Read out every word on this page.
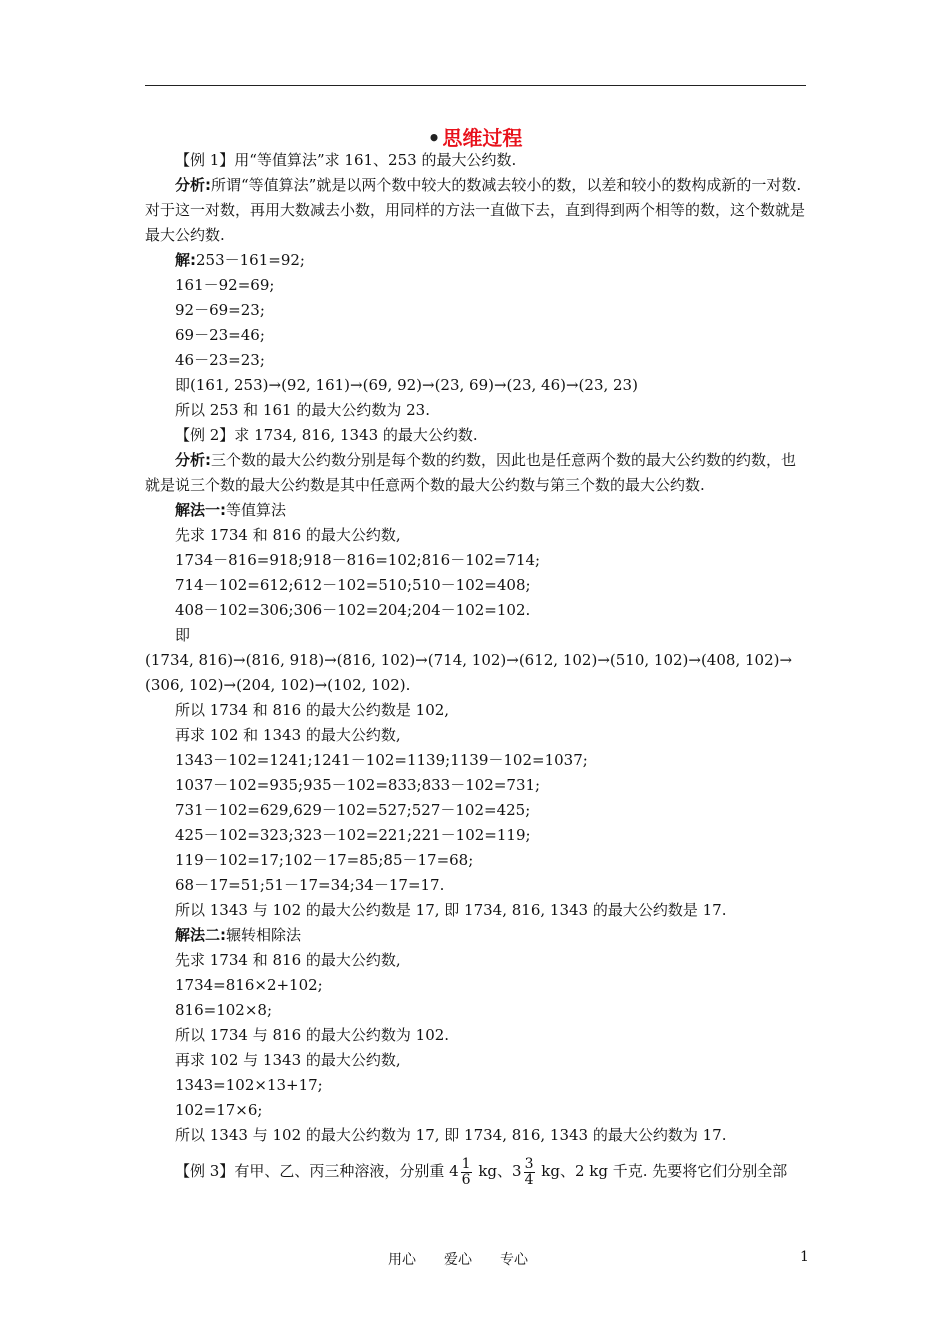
• 思维过程
【例 1】用“等值算法”求 161、253 的最大公约数.
分析:所谓“等值算法”就是以两个数中较大的数减去较小的数，以差和较小的数构成新的一对数.对于这一对数，再用大数减去小数，用同样的方法一直做下去，直到得到两个相等的数，这个数就是最大公约数.
解:253－161=92;
161－92=69;
92－69=23;
69－23=46;
46－23=23;
即(161, 253)→(92, 161)→(69, 92)→(23, 69)→(23, 46)→(23, 23)
所以 253 和 161 的最大公约数为 23.
【例 2】求 1734, 816, 1343 的最大公约数.
分析:三个数的最大公约数分别是每个数的约数，因此也是任意两个数的最大公约数的约数，也就是说三个数的最大公约数是其中任意两个数的最大公约数与第三个数的最大公约数.
解法一:等值算法
先求 1734 和 816 的最大公约数,
1734－816=918;918－816=102;816－102=714;
714－102=612;612－102=510;510－102=408;
408－102=306;306－102=204;204－102=102.
即
(1734, 816)→(816, 918)→(816, 102)→(714, 102)→(612, 102)→(510, 102)→(408, 102)→(306, 102)→(204, 102)→(102, 102).
所以 1734 和 816 的最大公约数是 102,
再求 102 和 1343 的最大公约数,
1343－102=1241;1241－102=1139;1139－102=1037;
1037－102=935;935－102=833;833－102=731;
731－102=629,629－102=527;527－102=425;
425－102=323;323－102=221;221－102=119;
119－102=17;102－17=85;85－17=68;
68－17=51;51－17=34;34－17=17.
所以 1343 与 102 的最大公约数是 17, 即 1734, 816, 1343 的最大公约数是 17.
解法二:辗转相除法
先求 1734 和 816 的最大公约数,
1734=816×2+102;
816=102×8;
所以 1734 与 816 的最大公约数为 102.
再求 102 与 1343 的最大公约数,
1343=102×13+17;
102=17×6;
所以 1343 与 102 的最大公约数为 17, 即 1734, 816, 1343 的最大公约数为 17.
【例 3】有甲、乙、丙三种溶液，分别重 $4 \frac{1}{6}$ kg、$3 \frac{3}{4}$ kg、2 kg 千克. 先要将它们分别全部
用心 爱心 专心	1
